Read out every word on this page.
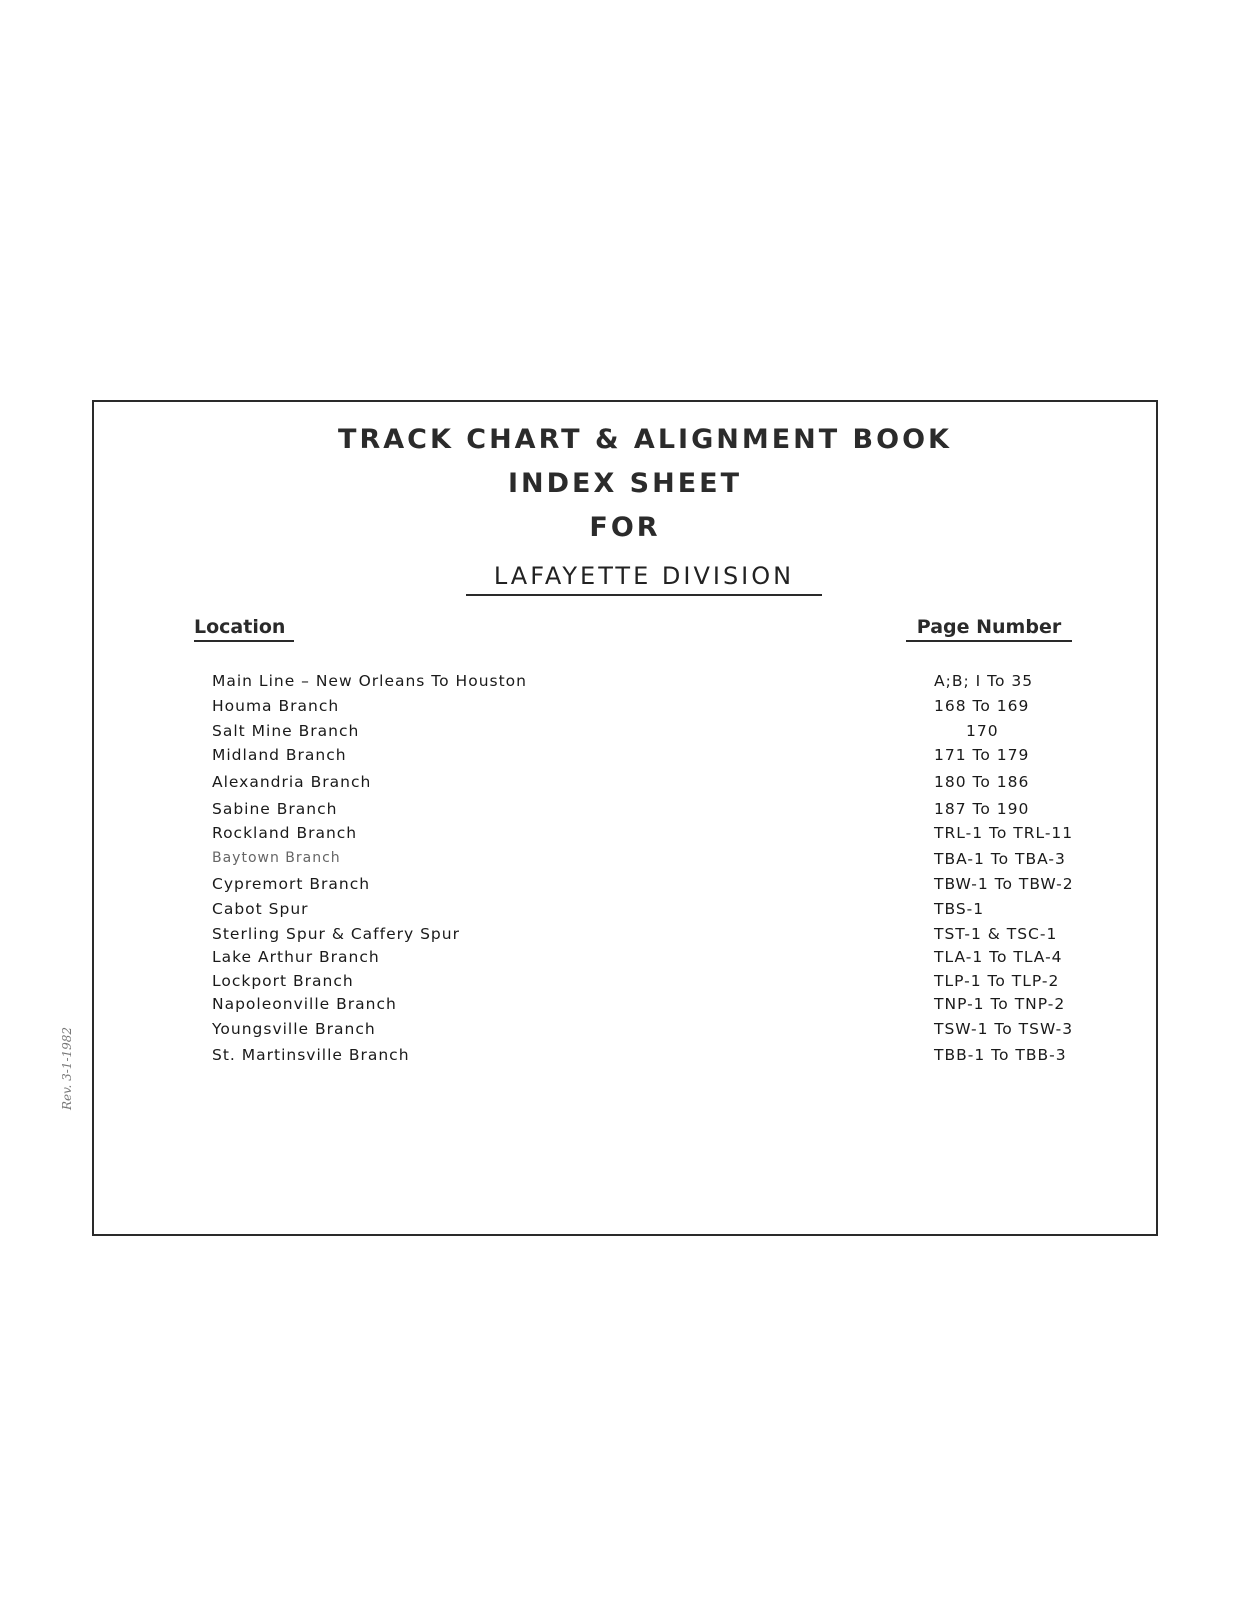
TRACK CHART & ALIGNMENT BOOK
INDEX SHEET
FOR
LAFAYETTE DIVISION
Location	Page Number
Main Line – New Orleans To Houston	A;B; I To 35
Houma Branch	168 To 169
Salt Mine Branch	170
Midland Branch	171 To 179
Alexandria Branch	180 To 186
Sabine Branch	187 To 190
Rockland Branch	TRL-1 To TRL-11
Baytown Branch	TBA-1 To TBA-3
Cypremort Branch	TBW-1 To TBW-2
Cabot Spur	TBS-1
Sterling Spur & Caffery Spur	TST-1 & TSC-1
Lake Arthur Branch	TLA-1 To TLA-4
Lockport Branch	TLP-1 To TLP-2
Napoleonville Branch	TNP-1 To TNP-2
Youngsville Branch	TSW-1 To TSW-3
St. Martinsville Branch	TBB-1 To TBB-3
Rev. 3-1-1982
